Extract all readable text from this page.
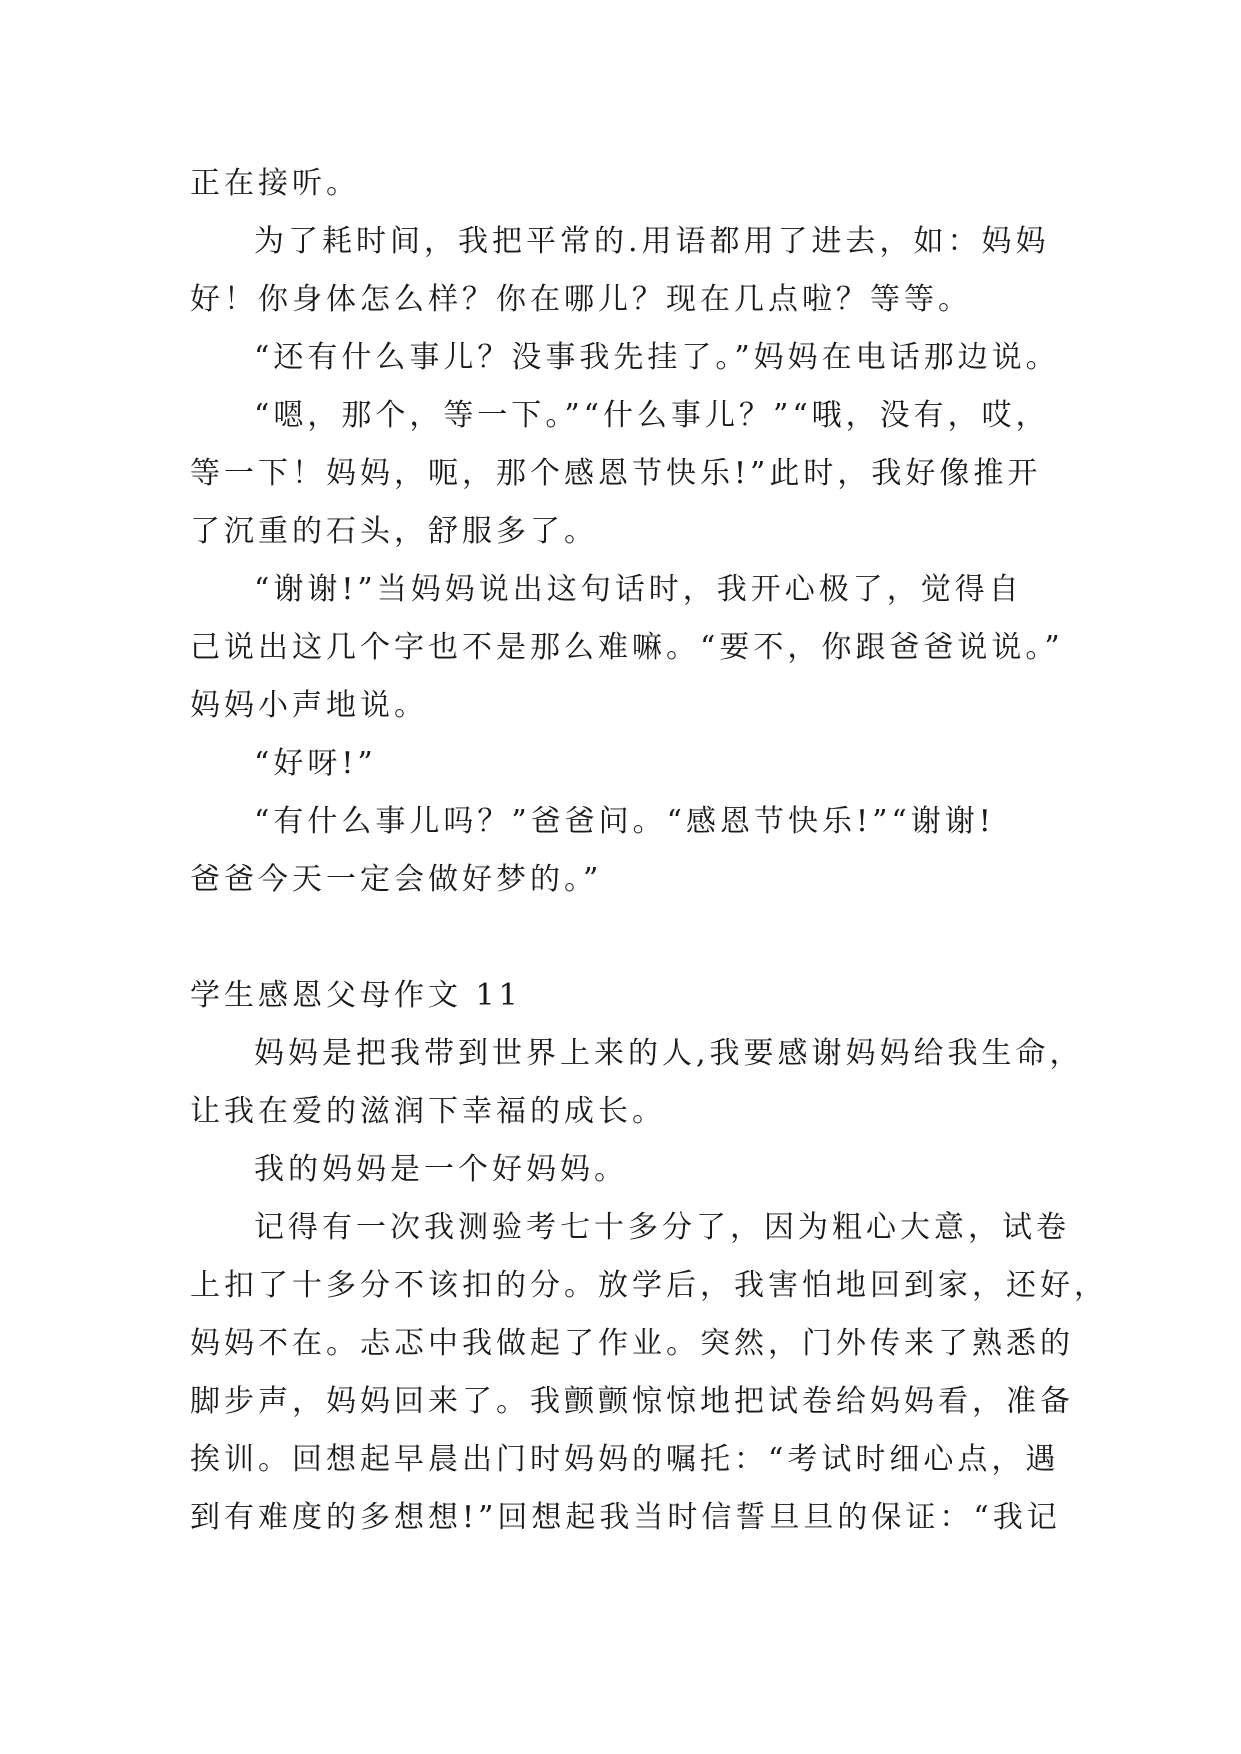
正在接听。
为了耗时间，我把平常的.用语都用了进去，如：妈妈
好！你身体怎么样？你在哪儿？现在几点啦？等等。
“还有什么事儿？没事我先挂了。”妈妈在电话那边说。
“嗯，那个，等一下。”“什么事儿？”“哦，没有，哎，
等一下！妈妈，呃，那个感恩节快乐!”此时，我好像推开
了沉重的石头，舒服多了。
“谢谢!”当妈妈说出这句话时，我开心极了，觉得自
己说出这几个字也不是那么难嘛。“要不，你跟爸爸说说。”
妈妈小声地说。
“好呀!”
“有什么事儿吗？”爸爸问。“感恩节快乐!”“谢谢!
爸爸今天一定会做好梦的。”
学生感恩父母作文 11
妈妈是把我带到世界上来的人,我要感谢妈妈给我生命，
让我在爱的滋润下幸福的成长。
我的妈妈是一个好妈妈。
记得有一次我测验考七十多分了，因为粗心大意，试卷
上扣了十多分不该扣的分。放学后，我害怕地回到家，还好，
妈妈不在。忐忑中我做起了作业。突然，门外传来了熟悉的
脚步声，妈妈回来了。我颤颤惊惊地把试卷给妈妈看，准备
挨训。回想起早晨出门时妈妈的嘱托：“考试时细心点，遇
到有难度的多想想!”回想起我当时信誓旦旦的保证：“我记
